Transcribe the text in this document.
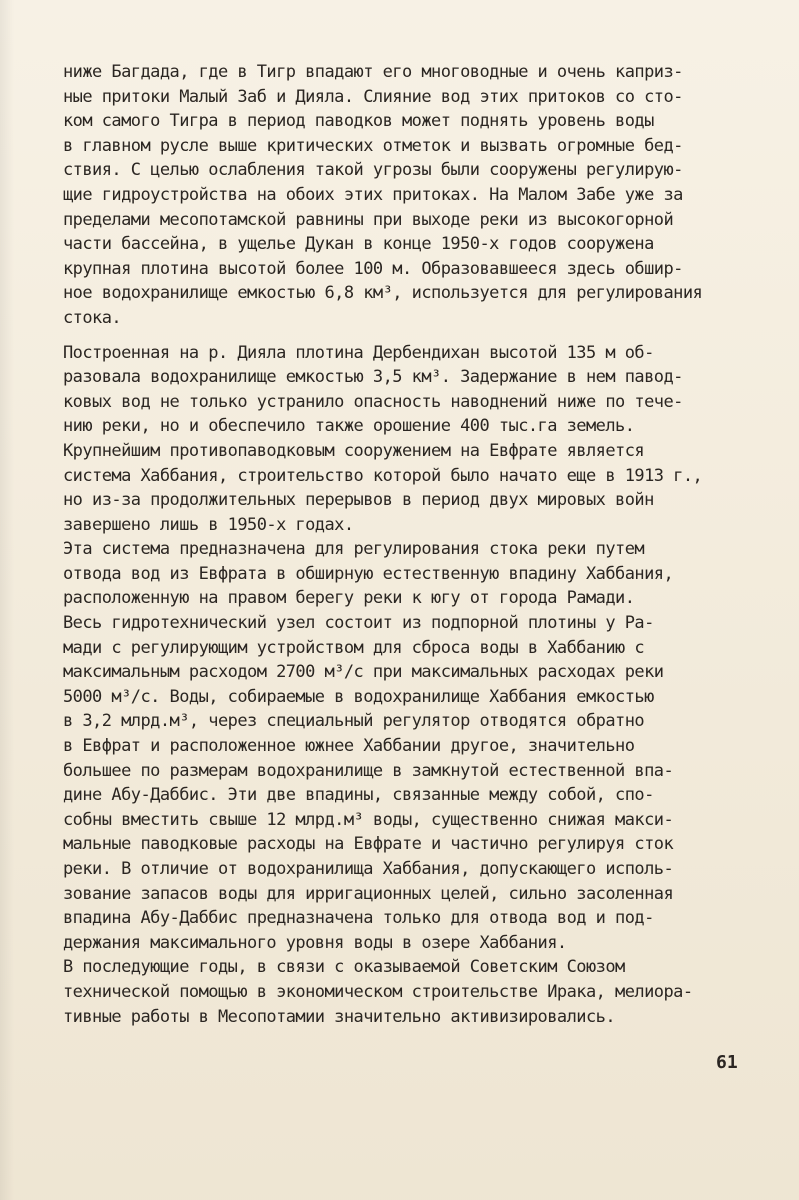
ниже Багдада, где в Тигр впадают его многоводные и очень каприз-
ные притоки Малый Заб и Дияла. Слияние вод этих притоков со сто-
ком самого Тигра в период паводков может поднять уровень воды
в главном русле выше критических отметок и вызвать огромные бед-
ствия. С целью ослабления такой угрозы были сооружены регулирую-
щие гидроустройства на обоих этих притоках. На Малом Забе уже за
пределами месопотамской равнины при выходе реки из высокогорной
части бассейна, в ущелье Дукан в конце 1950-х годов сооружена
крупная плотина высотой более 100 м. Образовавшееся здесь обшир-
ное водохранилище емкостью 6,8 км³, используется для регулирования
стока.
Построенная на р. Дияла плотина Дербендихан высотой 135 м об-
разовала водохранилище емкостью 3,5 км³. Задержание в нем павод-
ковых вод не только устранило опасность наводнений ниже по тече-
нию реки, но и обеспечило также орошение 400 тыс.га земель.
Крупнейшим противопаводковым сооружением на Евфрате является
система Хаббания, строительство которой было начато еще в 1913 г.,
но из-за продолжительных перерывов в период двух мировых войн
завершено лишь в 1950-х годах.
Эта система предназначена для регулирования стока реки путем
отвода вод из Евфрата в обширную естественную впадину Хаббания,
расположенную на правом берегу реки к югу от города Рамади.
Весь гидротехнический узел состоит из подпорной плотины у Ра-
мади с регулирующим устройством для сброса воды в Хаббанию с
максимальным расходом 2700 м³/с при максимальных расходах реки
5000 м³/с. Воды, собираемые в водохранилище Хаббания емкостью
в 3,2 млрд.м³, через специальный регулятор отводятся обратно
в Евфрат и расположенное южнее Хаббании другое, значительно
большее по размерам водохранилище в замкнутой естественной впа-
дине Абу-Даббис. Эти две впадины, связанные между собой, спо-
собны вместить свыше 12 млрд.м³ воды, существенно снижая макси-
мальные паводковые расходы на Евфрате и частично регулируя сток
реки. В отличие от водохранилища Хаббания, допускающего исполь-
зование запасов воды для ирригационных целей, сильно засоленная
впадина Абу-Даббис предназначена только для отвода вод и под-
держания максимального уровня воды в озере Хаббания.
В последующие годы, в связи с оказываемой Советским Союзом
технической помощью в экономическом строительстве Ирака, мелиора-
тивные работы в Месопотамии значительно активизировались.
61
